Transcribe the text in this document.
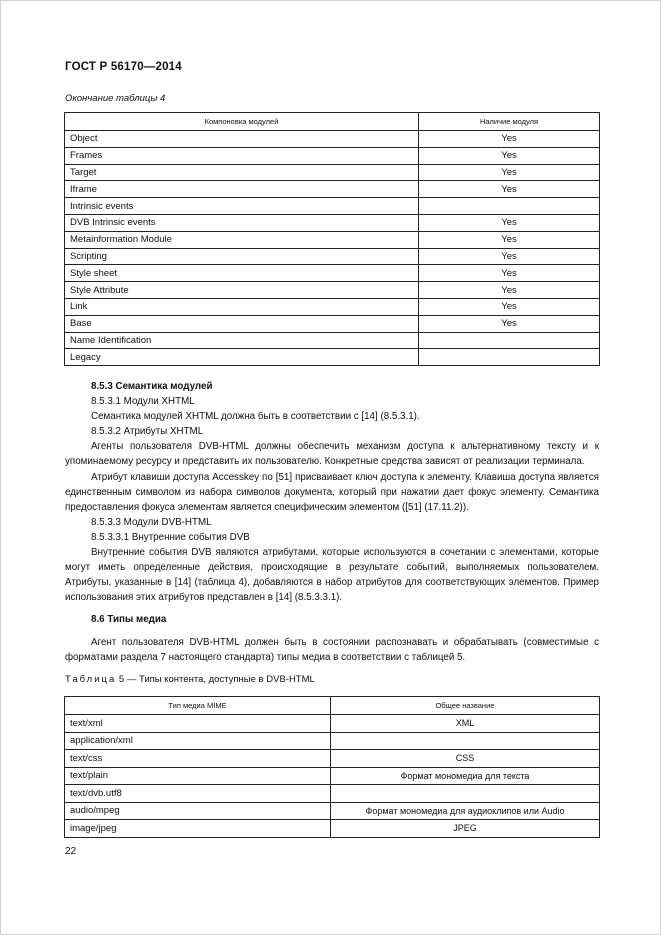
ГОСТ Р 56170—2014
Окончание таблицы 4
Компоновка модулей	Наличие модуля
Object	Yes
Frames	Yes
Target	Yes
Iframe	Yes
Intrinsic events	
DVB Intrinsic events	Yes
Metainformation Module	Yes
Scripting	Yes
Style sheet	Yes
Style Attribute	Yes
Link	Yes
Base	Yes
Name Identification	
Legacy	

8.5.3 Семантика модулей

8.5.3.1 Модули XHTML

Семантика модулей XHTML должна быть в соответствии с [14] (8.5.3.1).

8.5.3.2 Атрибуты XHTML

Агенты пользователя DVB-HTML должны обеспечить механизм доступа к альтернативному тексту и к упоминаемому ресурсу и представить их пользователю. Конкретные средства зависят от реализации терминала.

Атрибут клавиши доступа Accesskey по [51] присваивает ключ доступа к элементу. Клавиша доступа является единственным символом из набора символов документа, который при нажатии дает фокус элементу. Семантика предоставления фокуса элементам является специфическим элементом ([51] (17.11.2)).

8.5.3.3 Модули DVB-HTML

8.5.3.3.1 Внутренние события DVB

Внутренние события DVB являются атрибутами, которые используются в сочетании с элементами, которые могут иметь определенные действия, происходящие в результате событий, выполняемых пользователем. Атрибуты, указанные в [14] (таблица 4), добавляются в набор атрибутов для соответствующих элементов. Пример использования этих атрибутов представлен в [14] (8.5.3.3.1).

8.6 Типы медиа

Агент пользователя DVB-HTML должен быть в состоянии распознавать и обрабатывать (совместимые с форматами раздела 7 настоящего стандарта) типы медиа в соответствии с таблицей 5.

Таблица 5 — Типы контента, доступные в DVB-HTML
Тип медиа MIME	Общее название
text/xml	XML
application/xml	
text/css	CSS
text/plain	Формат мономедиа для текста
text/dvb.utf8	
audio/mpeg	Формат мономедиа для аудиоклипов или Audio
image/jpeg	JPEG
22
